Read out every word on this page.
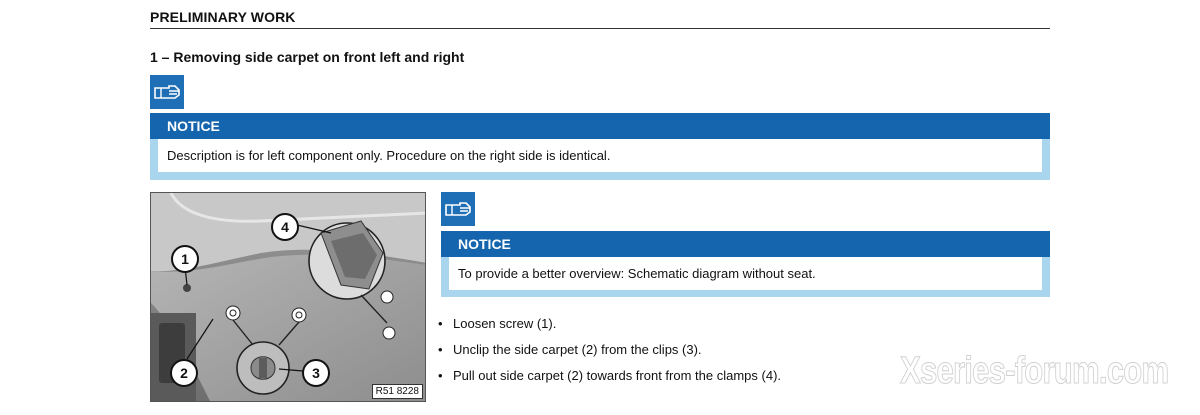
PRELIMINARY WORK
1 – Removing side carpet on front left and right
NOTICE
Description is for left component only. Procedure on the right side is identical.
1
2	3
4
R51 8228
NOTICE
To provide a better overview: Schematic diagram without seat.
• Loosen screw (1).
• Unclip the side carpet (2) from the clips (3).
• Pull out side carpet (2) towards front from the clamps (4).	Xseries-forum.com
